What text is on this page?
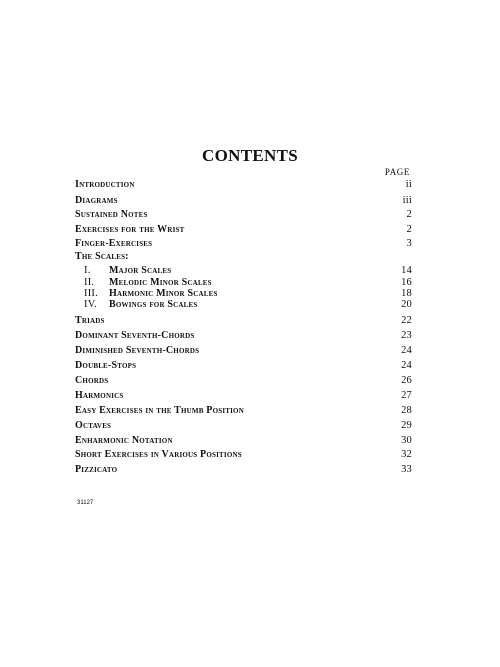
CONTENTS
PAGE
Introduction	ii
Diagrams	iii
Sustained Notes	2
Exercises for the Wrist	2
Finger-Exercises	3
The Scales:
I. Major Scales	14
II. Melodic Minor Scales	16
III. Harmonic Minor Scales	18
IV. Bowings for Scales	20
Triads	22
Dominant Seventh-Chords	23
Diminished Seventh-Chords	24
Double-Stops	24
Chords	26
Harmonics	27
Easy Exercises in the Thumb Position	28
Octaves	29
Enharmonic Notation	30
Short Exercises in Various Positions	32
Pizzicato	33
31127
